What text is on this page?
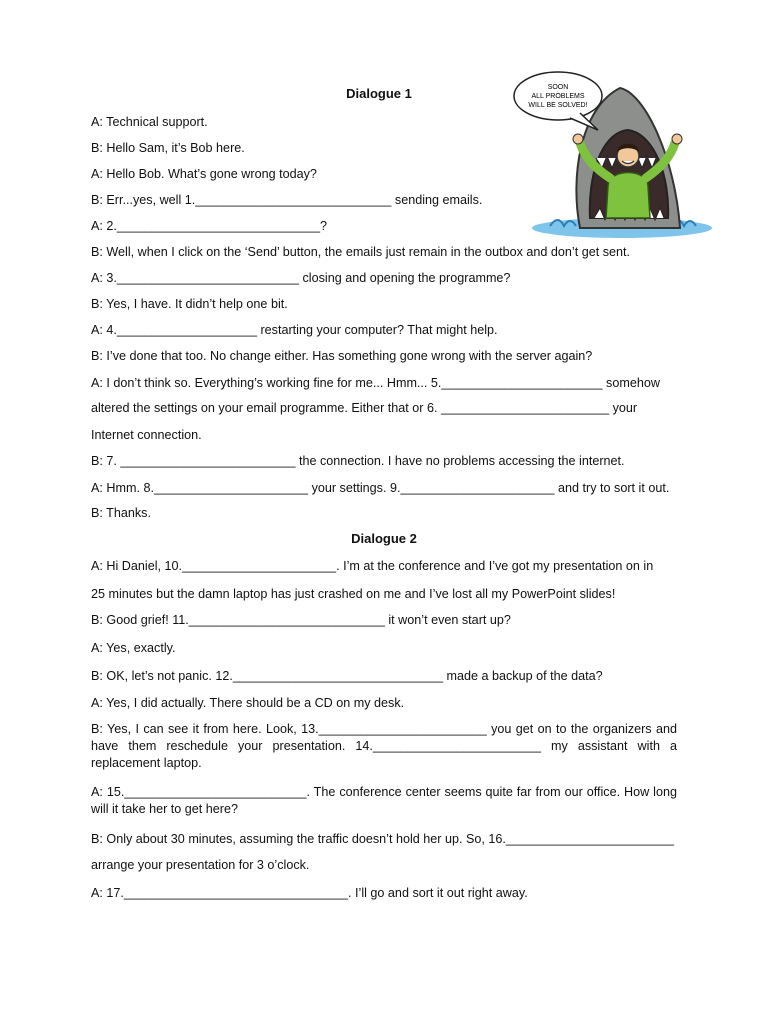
SOON
ALL PROBLEMS
WILL BE SOLVED!
Dialogue 1
A: Technical support.
B: Hello Sam, it’s Bob here.
A: Hello Bob. What’s gone wrong today?
B: Err...yes, well 1.____________________________ sending emails.
A: 2._____________________________?
B: Well, when I click on the ‘Send’ button, the emails just remain in the outbox and don’t get sent.
A: 3.__________________________ closing and opening the programme?
B: Yes, I have. It didn’t help one bit.
A: 4.____________________ restarting your computer? That might help.
B: I’ve done that too. No change either. Has something gone wrong with the server again?
A: I don’t think so. Everything’s working fine for me... Hmm... 5._______________________ somehow
altered the settings on your email programme. Either that or 6. ________________________ your
Internet connection.
B: 7. _________________________ the connection. I have no problems accessing the internet.
A: Hmm. 8.______________________ your settings. 9.______________________ and try to sort it out.
B: Thanks.
Dialogue 2
A: Hi Daniel, 10.______________________. I’m at the conference and I’ve got my presentation on in
25 minutes but the damn laptop has just crashed on me and I’ve lost all my PowerPoint slides!
B: Good grief! 11.____________________________ it won’t even start up?
A: Yes, exactly.
B: OK, let’s not panic. 12.______________________________ made a backup of the data?
A: Yes, I did actually. There should be a CD on my desk.
B: Yes, I can see it from here. Look, 13.________________________ you get on to the organizers and have them reschedule your presentation. 14.________________________ my assistant with a replacement laptop.
A: 15.__________________________. The conference center seems quite far from our office. How long will it take her to get here?
B: Only about 30 minutes, assuming the traffic doesn’t hold her up. So, 16.________________________
arrange your presentation for 3 o’clock.
A: 17.________________________________. I’ll go and sort it out right away.
